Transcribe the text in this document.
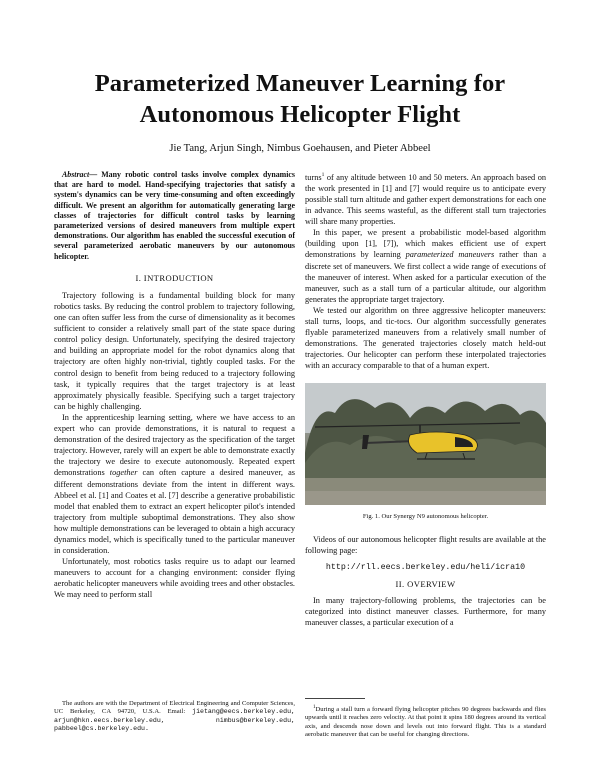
Parameterized Maneuver Learning for
Autonomous Helicopter Flight
Jie Tang, Arjun Singh, Nimbus Goehausen, and Pieter Abbeel

Abstract— Many robotic control tasks involve complex dynamics that are hard to model. Hand-specifying trajectories that satisfy a system's dynamics can be very time-consuming and often exceedingly difficult. We present an algorithm for automatically generating large classes of trajectories for difficult control tasks by learning parameterized versions of desired maneuvers from multiple expert demonstrations. Our algorithm has enabled the successful execution of several parameterized aerobatic maneuvers by our autonomous helicopter.

I. INTRODUCTION

Trajectory following is a fundamental building block for many robotics tasks. By reducing the control problem to trajectory following, one can often suffer less from the curse of dimensionality as it becomes sufficient to consider a relatively small part of the state space during control policy design. Unfortunately, specifying the desired trajectory and building an appropriate model for the robot dynamics along that trajectory are often highly non-trivial, tightly coupled tasks. For the control design to benefit from being reduced to a trajectory following task, it typically requires that the target trajectory is at least approximately physically feasible. Specifying such a target trajectory can be highly challenging.

In the apprenticeship learning setting, where we have access to an expert who can provide demonstrations, it is natural to request a demonstration of the desired trajectory as the specification of the target trajectory. However, rarely will an expert be able to demonstrate exactly the trajectory we desire to execute autonomously. Repeated expert demonstrations together can often capture a desired maneuver, as different demonstrations deviate from the intent in different ways. Abbeel et al. [1] and Coates et al. [7] describe a generative probabilistic model that enabled them to extract an expert helicopter pilot's intended trajectory from multiple suboptimal demonstrations. They also show how multiple demonstrations can be leveraged to obtain a high accuracy dynamics model, which is specifically tuned to the particular maneuver in consideration.

Unfortunately, most robotics tasks require us to adapt our learned maneuvers to account for a changing environment: consider flying aerobatic helicopter maneuvers while avoiding trees and other obstacles. We may need to perform stall

turns$^1$ of any altitude between 10 and 50 meters. An approach based on the work presented in [1] and [7] would require us to anticipate every possible stall turn altitude and gather expert demonstrations for each one in advance. This seems wasteful, as the different stall turn trajectories will share many properties.

In this paper, we present a probabilistic model-based algorithm (building upon [1], [7]), which makes efficient use of expert demonstrations by learning parameterized maneuvers rather than a discrete set of maneuvers. We first collect a wide range of executions of the maneuver of interest. When asked for a particular execution of the maneuver, such as a stall turn of a particular altitude, our algorithm generates the appropriate target trajectory.

We tested our algorithm on three aggressive helicopter maneuvers: stall turns, loops, and tic-tocs. Our algorithm successfully generates flyable parameterized maneuvers from a relatively small number of demonstrations. The generated trajectories closely match held-out trajectories. Our helicopter can perform these interpolated trajectories with an accuracy comparable to that of a human expert.

Fig. 1. Our Synergy N9 autonomous helicopter.

Videos of our autonomous helicopter flight results are available at the following page:

http://rll.eecs.berkeley.edu/heli/icra10
II. OVERVIEW

In many trajectory-following problems, the trajectories can be categorized into distinct maneuver classes. Furthermore, for many maneuver classes, a particular execution of a

The authors are with the Department of Electrical Engineering and Computer Sciences, UC Berkeley, CA 94720, U.S.A. Email: jietang@eecs.berkeley.edu, arjun@hkn.eecs.berkeley.edu,	nimbus@berkeley.edu, pabbeel@cs.berkeley.edu.

$^1$During a stall turn a forward flying helicopter pitches 90 degrees backwards and flies upwards until it reaches zero velocity. At that point it spins 180 degrees around its vertical axis, and descends nose down and levels out into forward flight. This is a standard aerobatic maneuver that can be useful for changing directions.
